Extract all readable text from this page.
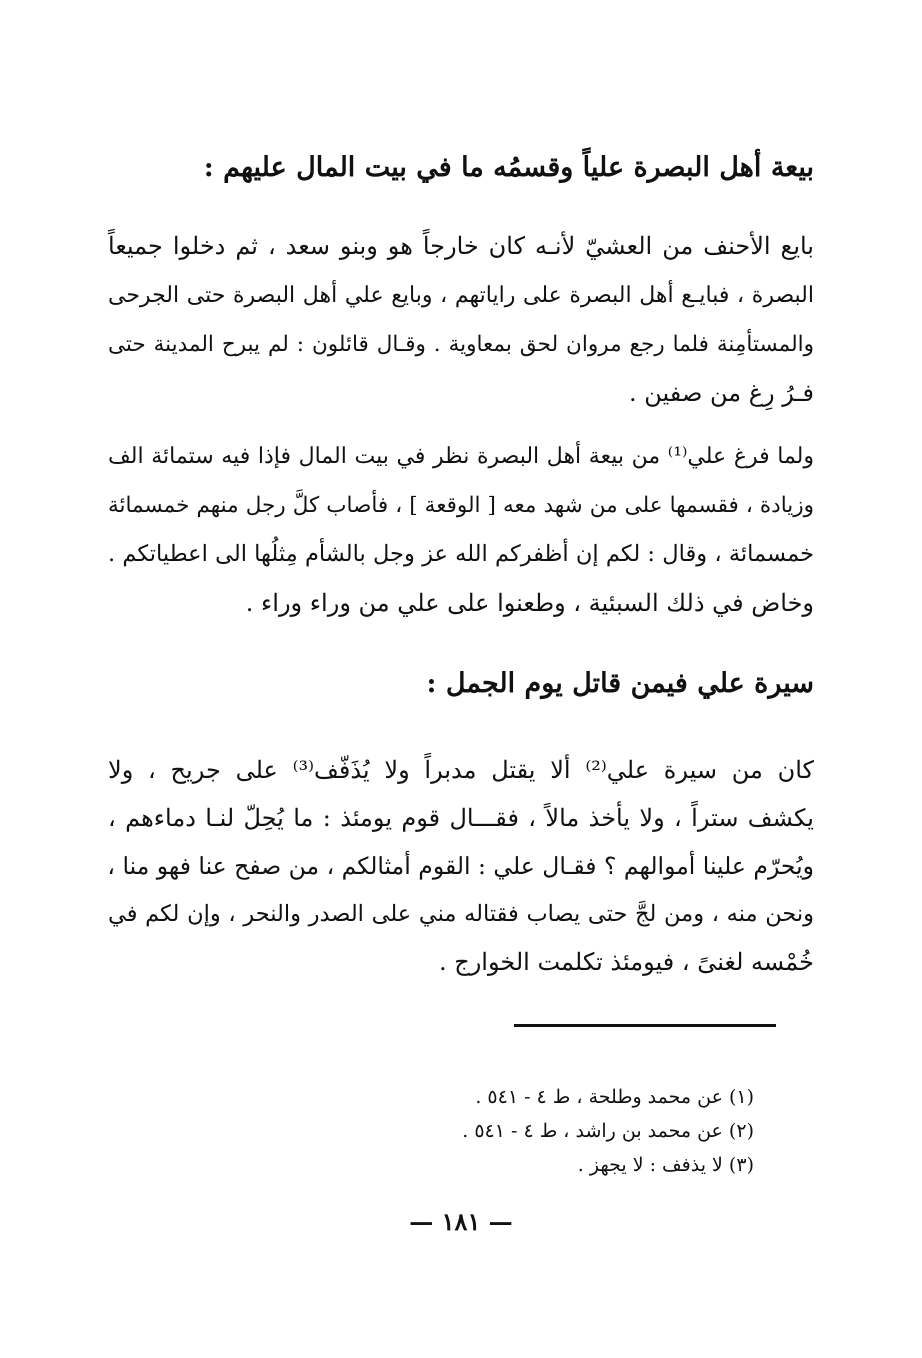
بيعة أهل البصرة علياً وقسمُه ما في بيت المال عليهم :
بايع الأحنف من العشيّ لأنـه كان خارجاً هو وبنو سعد ، ثم دخلوا جميعاً
البصرة ، فبايـع أهل البصرة على راياتهم ، وبايع علي أهل البصرة حتى الجرحى
والمستأمِنة فلما رجع مروان لحق بمعاوية . وقـال قائلون : لم يبرح المدينة حتى
فـرُ رِغ من صفين .
ولما فرغ علي⁽¹⁾ من بيعة أهل البصرة نظر في بيت المال فإذا فيه ستمائة الف
وزيادة ، فقسمها على من شهد معه [ الوقعة ] ، فأصاب كلَّ رجل منهم خمسمائة
خمسمائة ، وقال : لكم إن أظفركم الله عز وجل بالشأم مِثلُها الى اعطياتكم .
وخاض في ذلك السبئية ، وطعنوا على علي من وراء وراء .
سيرة علي فيمن قاتل يوم الجمل :
كان من سيرة علي⁽²⁾ ألا يقتل مدبراً ولا يُذَفّف⁽³⁾ على جريح ، ولا
يكشف ستراً ، ولا يأخذ مالاً ، فقـــال قوم يومئذ : ما يُحِلّ لنـا دماءهم ،
ويُحرّم علينا أموالهم ؟ فقـال علي : القوم أمثالكم ، من صفح عنا فهو منا ،
ونحن منه ، ومن لجَّ حتى يصاب فقتاله مني على الصدر والنحر ، وإن لكم في
خُمْسه لغنىً ، فيومئذ تكلمت الخوارج .
(١) عن محمد وطلحة ، ط ٤ - ٥٤١ .
(٢) عن محمد بن راشد ، ط ٤ - ٥٤١ .
(٣) لا يذفف : لا يجهز .
— ١٨١ —
